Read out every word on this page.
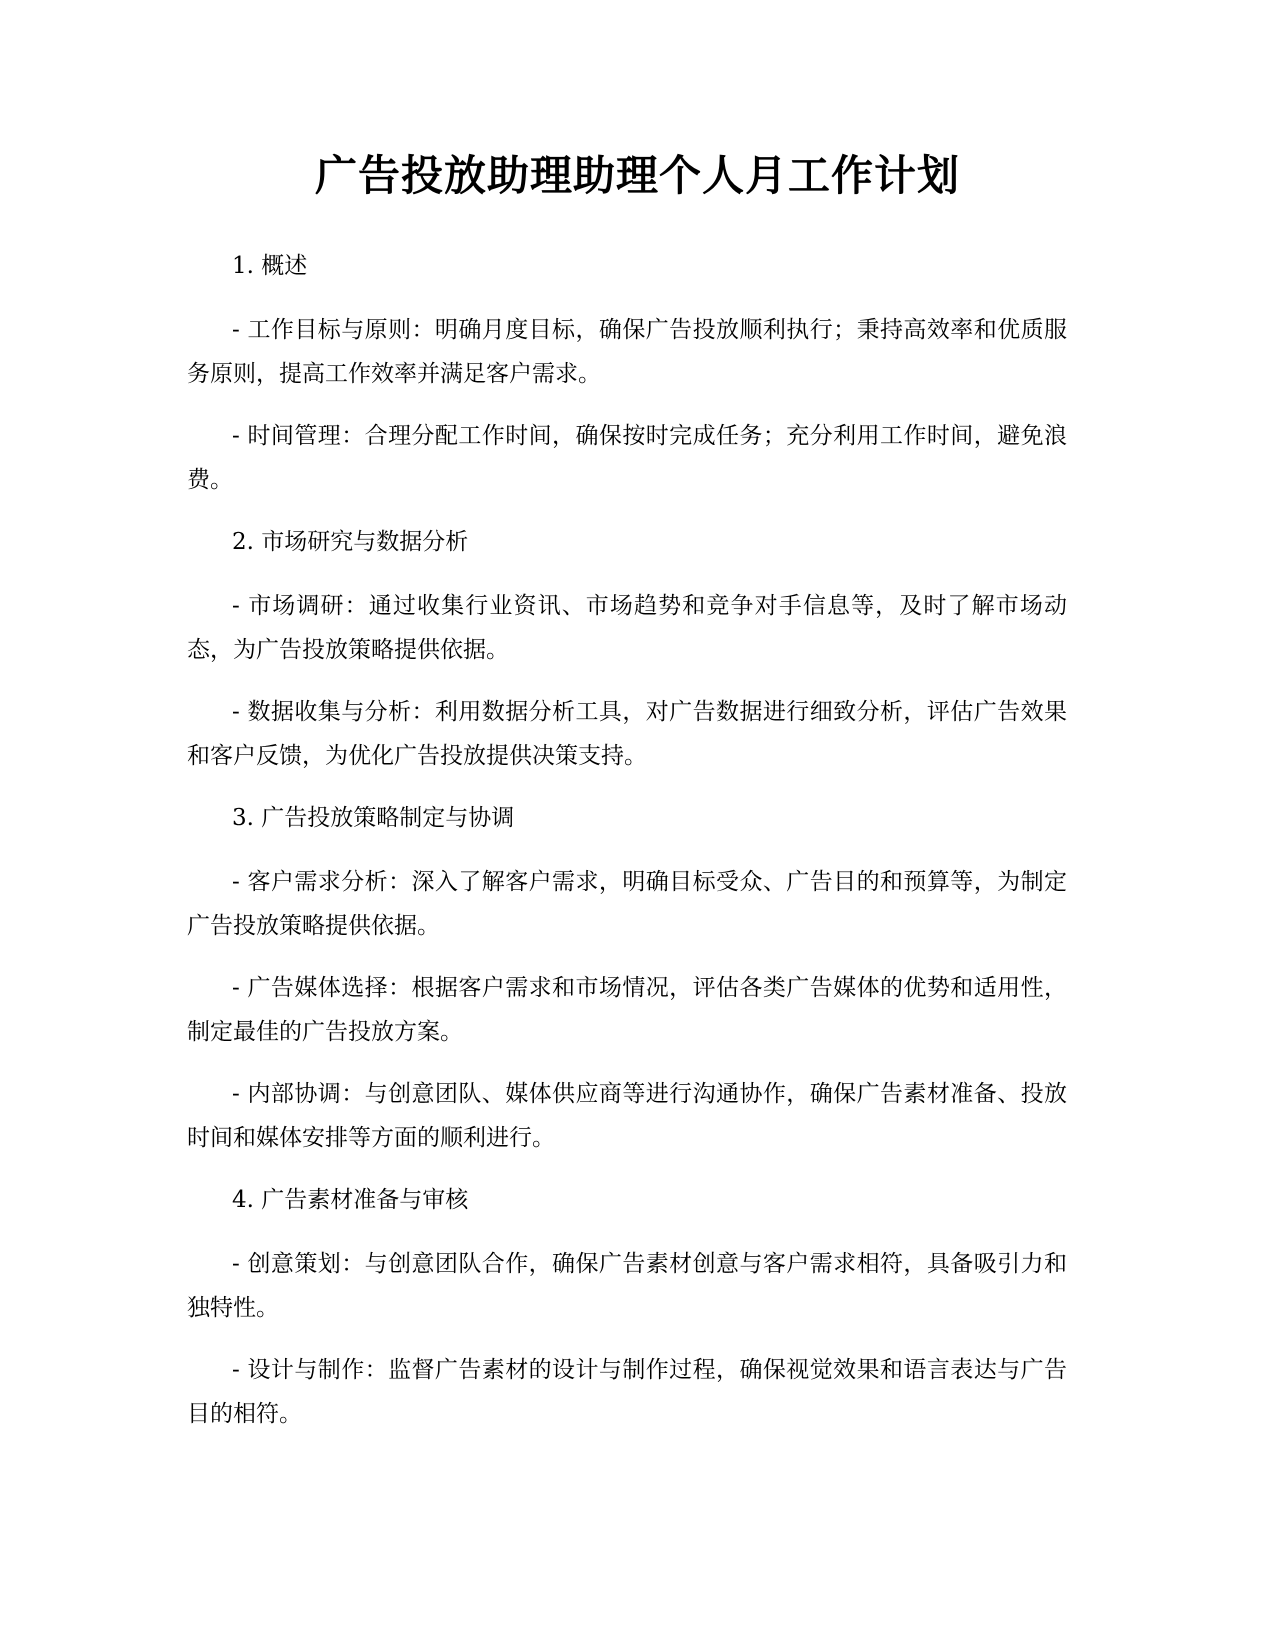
广告投放助理助理个人月工作计划

1. 概述

- 工作目标与原则：明确月度目标，确保广告投放顺利执行；秉持高效率和优质服务原则，提高工作效率并满足客户需求。

- 时间管理：合理分配工作时间，确保按时完成任务；充分利用工作时间，避免浪费。

2. 市场研究与数据分析

- 市场调研：通过收集行业资讯、市场趋势和竞争对手信息等，及时了解市场动态，为广告投放策略提供依据。

- 数据收集与分析：利用数据分析工具，对广告数据进行细致分析，评估广告效果和客户反馈，为优化广告投放提供决策支持。

3. 广告投放策略制定与协调

- 客户需求分析：深入了解客户需求，明确目标受众、广告目的和预算等，为制定广告投放策略提供依据。

- 广告媒体选择：根据客户需求和市场情况，评估各类广告媒体的优势和适用性，制定最佳的广告投放方案。

- 内部协调：与创意团队、媒体供应商等进行沟通协作，确保广告素材准备、投放时间和媒体安排等方面的顺利进行。

4. 广告素材准备与审核

- 创意策划：与创意团队合作，确保广告素材创意与客户需求相符，具备吸引力和独特性。

- 设计与制作：监督广告素材的设计与制作过程，确保视觉效果和语言表达与广告目的相符。
